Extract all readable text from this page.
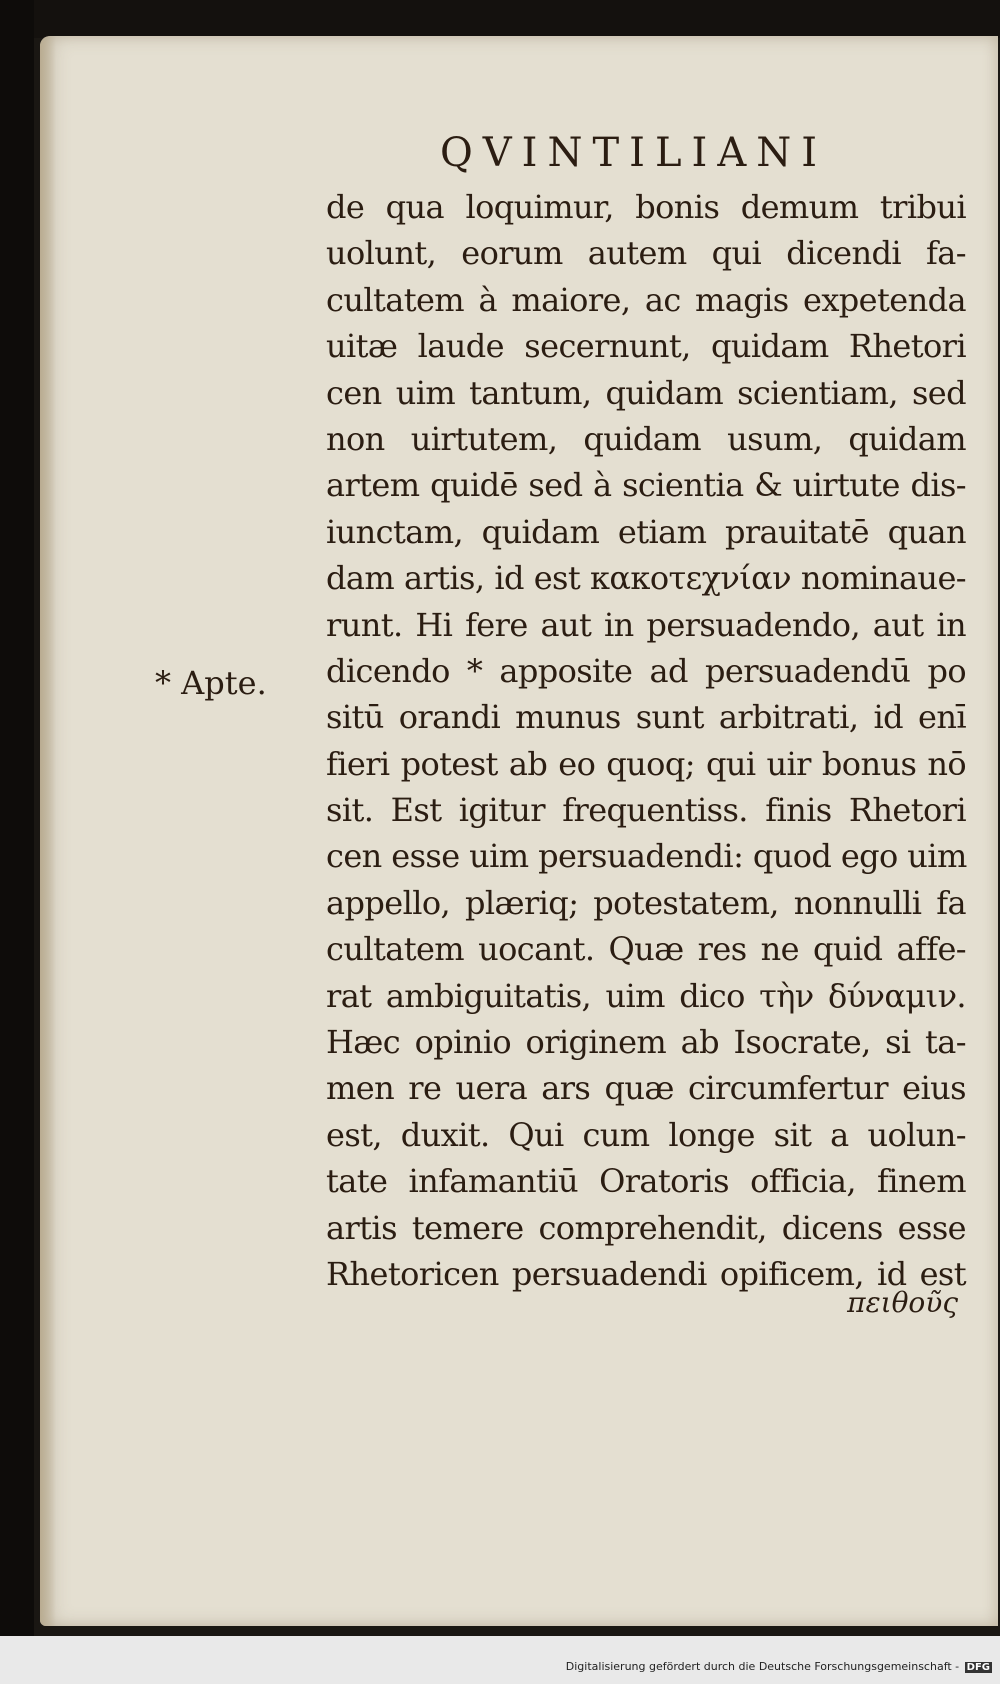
QVINTILIANI
* Apte.
de qua loquimur, bonis demum tribui
uolunt, eorum autem qui dicendi fa-
cultatem à maiore, ac magis expetenda
uitæ laude secernunt, quidam Rhetori
cen uim tantum, quidam scientiam, sed
non uirtutem, quidam usum, quidam
artem quidē sed à scientia & uirtute dis-
iunctam, quidam etiam prauitatē quan
dam artis, id est κακοτεχνίαν nominaue-
runt. Hi fere aut in persuadendo, aut in
dicendo * apposite ad persuadendū po
sitū orandi munus sunt arbitrati, id enī
fieri potest ab eo quoq; qui uir bonus nō
sit. Est igitur frequentiss. finis Rhetori
cen esse uim persuadendi: quod ego uim
appello, plæriq; potestatem, nonnulli fa
cultatem uocant. Quæ res ne quid affe-
rat ambiguitatis, uim dico τὴν δύναμιν.
Hæc opinio originem ab Isocrate, si ta-
men re uera ars quæ circumfertur eius
est, duxit. Qui cum longe sit a uolun-
tate infamantiū Oratoris officia, finem
artis temere comprehendit, dicens esse
Rhetoricen persuadendi opificem, id est
πειθοῦς
Digitalisierung gefördert durch die Deutsche Forschungsgemeinschaft - DFG
